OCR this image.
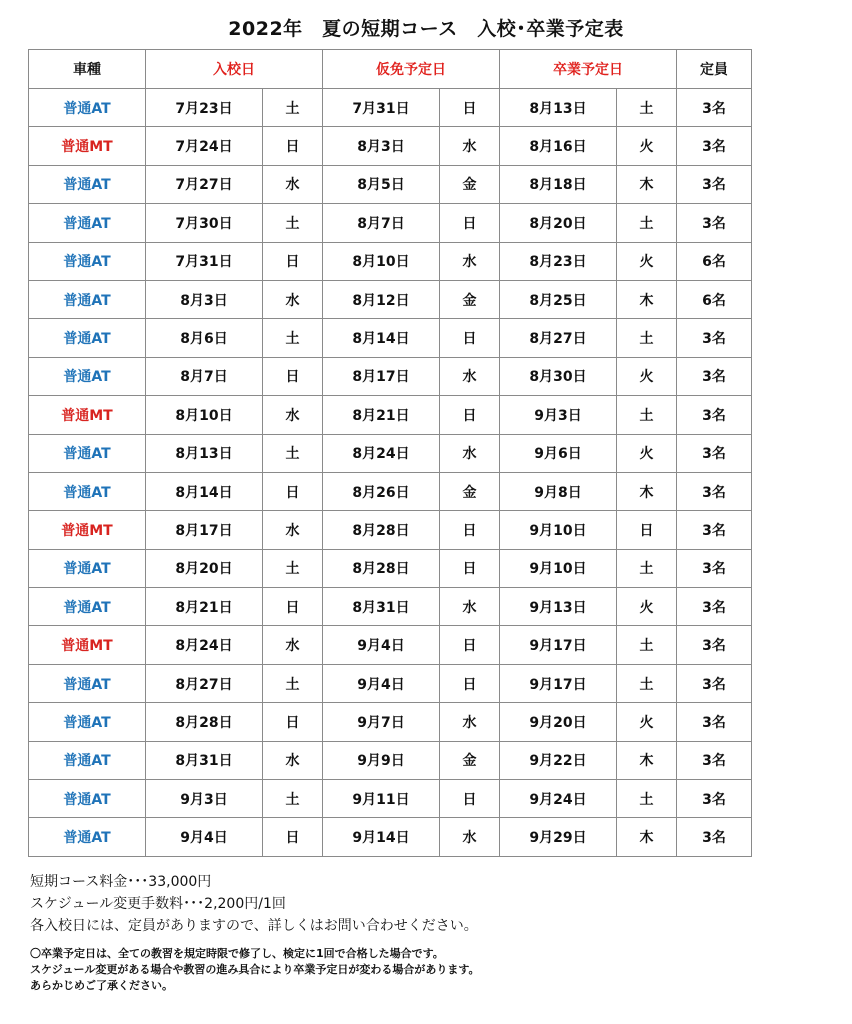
2022年　夏の短期コース　入校･卒業予定表
車種	入校日		仮免予定日		卒業予定日		定員
普通AT	7月23日	土	7月31日	日	8月13日	土	3名
普通MT	7月24日	日	8月3日	水	8月16日	火	3名
普通AT	7月27日	水	8月5日	金	8月18日	木	3名
普通AT	7月30日	土	8月7日	日	8月20日	土	3名
普通AT	7月31日	日	8月10日	水	8月23日	火	6名
普通AT	8月3日	水	8月12日	金	8月25日	木	6名
普通AT	8月6日	土	8月14日	日	8月27日	土	3名
普通AT	8月7日	日	8月17日	水	8月30日	火	3名
普通MT	8月10日	水	8月21日	日	9月3日	土	3名
普通AT	8月13日	土	8月24日	水	9月6日	火	3名
普通AT	8月14日	日	8月26日	金	9月8日	木	3名
普通MT	8月17日	水	8月28日	日	9月10日	日	3名
普通AT	8月20日	土	8月28日	日	9月10日	土	3名
普通AT	8月21日	日	8月31日	水	9月13日	火	3名
普通MT	8月24日	水	9月4日	日	9月17日	土	3名
普通AT	8月27日	土	9月4日	日	9月17日	土	3名
普通AT	8月28日	日	9月7日	水	9月20日	火	3名
普通AT	8月31日	水	9月9日	金	9月22日	木	3名
普通AT	9月3日	土	9月11日	日	9月24日	土	3名
普通AT	9月4日	日	9月14日	水	9月29日	木	3名
短期コース料金･･･33,000円
スケジュール変更手数料･･･2,200円/1回
各入校日には、定員がありますので、詳しくはお問い合わせください。
〇卒業予定日は、全ての教習を規定時限で修了し、検定に1回で合格した場合です。
スケジュール変更がある場合や教習の進み具合により卒業予定日が変わる場合があります。
あらかじめご了承ください。
